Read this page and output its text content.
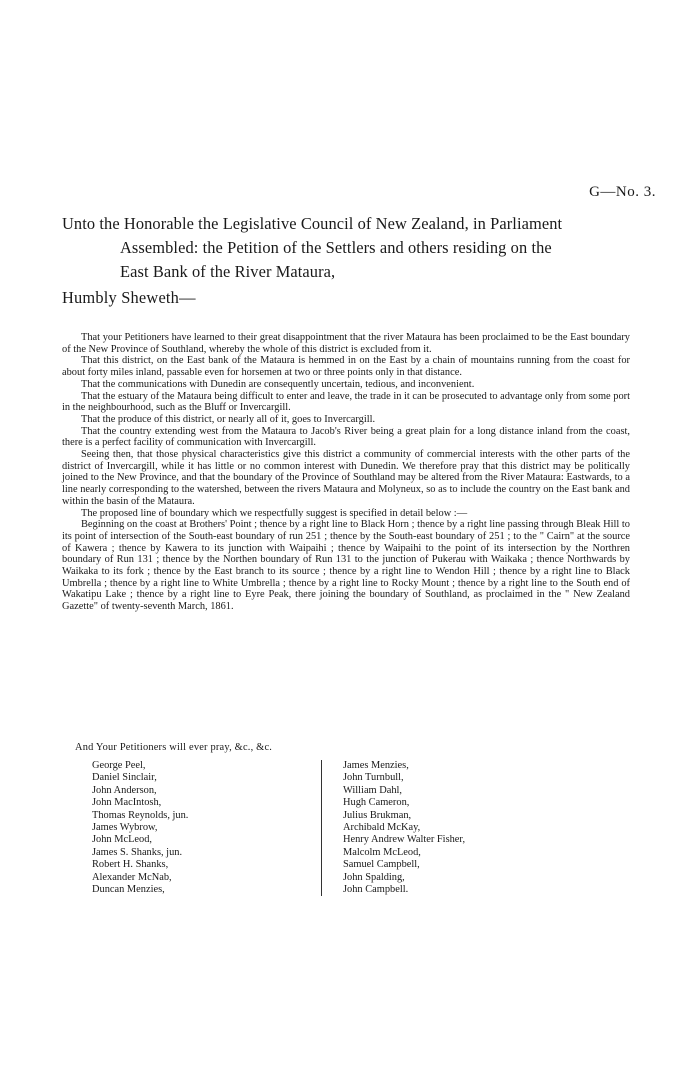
G—No. 3.
Unto the Honorable the Legislative Council of New Zealand, in Parliament
Assembled: the Petition of the Settlers and others residing on the
East Bank of the River Mataura,
Humbly Sheweth—

That your Petitioners have learned to their great disappointment that the river Mataura has been proclaimed to be the East boundary of the New Province of Southland, whereby the whole of this district is excluded from it.

That this district, on the East bank of the Mataura is hemmed in on the East by a chain of mountains running from the coast for about forty miles inland, passable even for horsemen at two or three points only in that distance.

That the communications with Dunedin are consequently uncertain, tedious, and inconvenient.

That the estuary of the Mataura being difficult to enter and leave, the trade in it can be prosecuted to advantage only from some port in the neighbourhood, such as the Bluff or Invercargill.

That the produce of this district, or nearly all of it, goes to Invercargill.

That the country extending west from the Mataura to Jacob's River being a great plain for a long distance inland from the coast, there is a perfect facility of communication with Invercargill.

Seeing then, that those physical characteristics give this district a community of commercial interests with the other parts of the district of Invercargill, while it has little or no common interest with Dunedin. We therefore pray that this district may be politically joined to the New Province, and that the boundary of the Province of Southland may be altered from the River Mataura: Eastwards, to a line nearly corresponding to the watershed, between the rivers Mataura and Molyneux, so as to include the country on the East bank and within the basin of the Mataura.

The proposed line of boundary which we respectfully suggest is specified in detail below :—

Beginning on the coast at Brothers' Point ; thence by a right line to Black Horn ; thence by a right line passing through Bleak Hill to its point of intersection of the South-east boundary of run 251 ; thence by the South-east boundary of 251 ; to the " Cairn" at the source of Kawera ; thence by Kawera to its junction with Waipaihi ; thence by Waipaihi to the point of its intersection by the Northren boundary of Run 131 ; thence by the Northen boundary of Run 131 to the junction of Pukerau with Waikaka ; thence Northwards by Waikaka to its fork ; thence by the East branch to its source ; thence by a right line to Wendon Hill ; thence by a right line to Black Umbrella ; thence by a right line to White Umbrella ; thence by a right line to Rocky Mount ; thence by a right line to the South end of Wakatipu Lake ; thence by a right line to Eyre Peak, there joining the boundary of Southland, as proclaimed in the " New Zealand Gazette" of twenty-seventh March, 1861.

And Your Petitioners will ever pray, &c., &c.
George Peel,
Daniel Sinclair,
John Anderson,
John MacIntosh,
Thomas Reynolds, jun.
James Wybrow,
John McLeod,
James S. Shanks, jun.
Robert H. Shanks,
Alexander McNab,
Duncan Menzies,
James Menzies,
John Turnbull,
William Dahl,
Hugh Cameron,
Julius Brukman,
Archibald McKay,
Henry Andrew Walter Fisher,
Malcolm McLeod,
Samuel Campbell,
John Spalding,
John Campbell.
